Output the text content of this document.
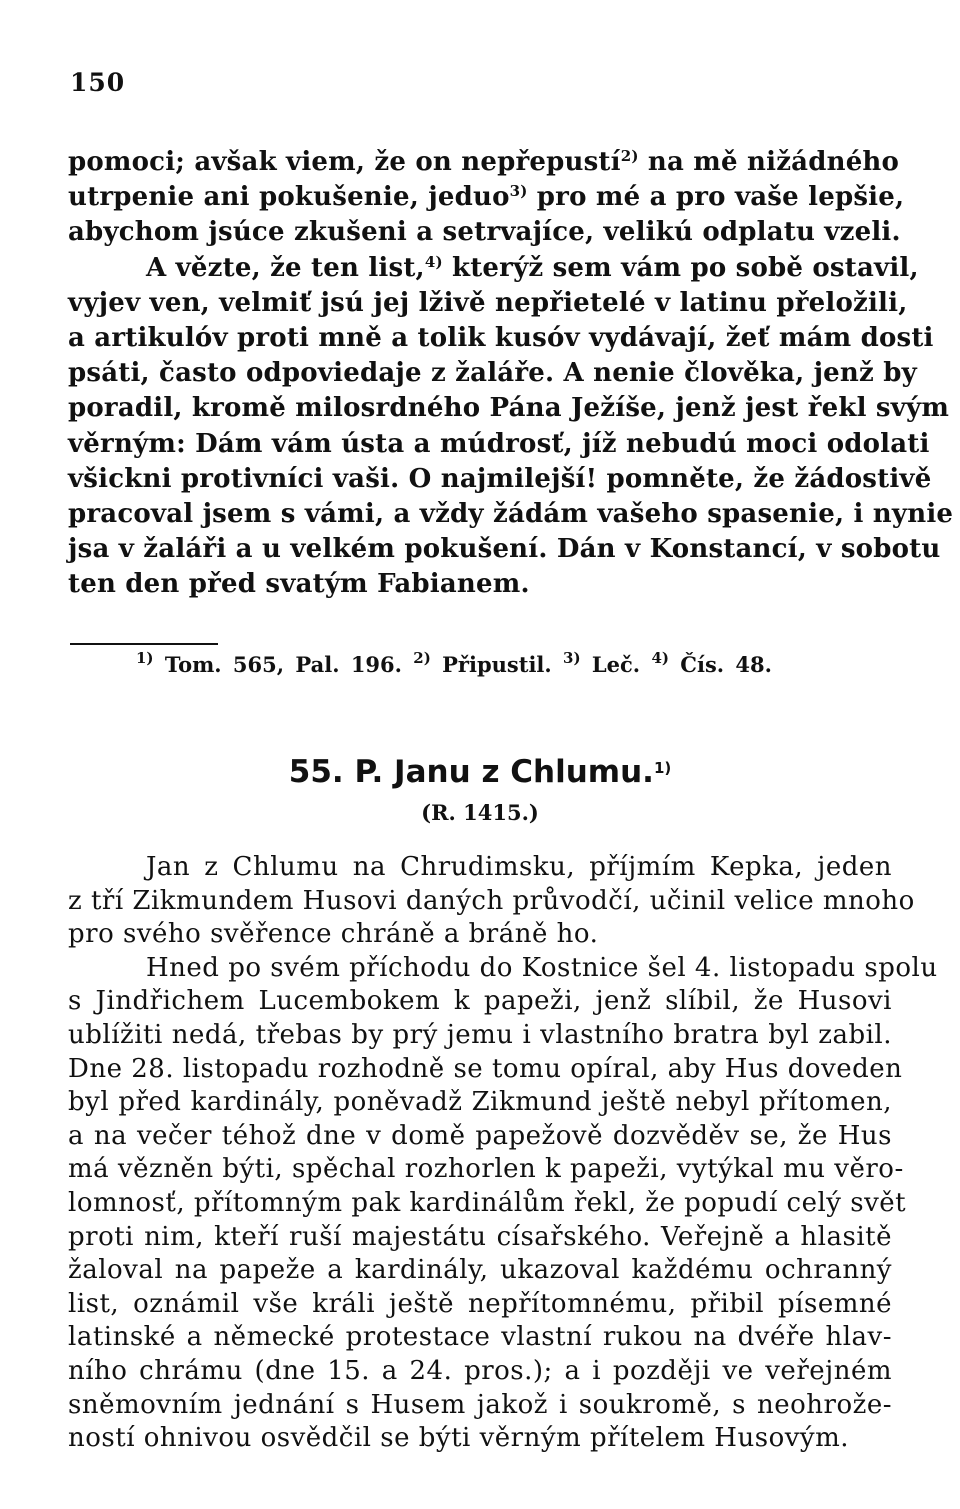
150
pomoci; avšak viem, že on nepřepustí$^{2)}$ na mě nižádného
utrpenie ani pokušenie, jeduo$^{3)}$ pro mé a pro vaše lepšie,
abychom jsúce zkušeni a setrvajíce, velikú odplatu vzeli.
A vězte, že ten list,$^{4)}$ kterýž sem vám po sobě ostavil,
vyjev ven, velmiť jsú jej lživě nepřietelé v latinu přeložili,
a artikulóv proti mně a tolik kusóv vydávají, žeť mám dosti
psáti, často odpoviedaje z žaláře. A nenie člověka, jenž by
poradil, kromě milosrdného Pána Ježíše, jenž jest řekl svým
věrným: Dám vám ústa a múdrosť, jíž nebudú moci odolati
všickni protivníci vaši. O najmilejší! pomněte, že žádostivě
pracoval jsem s vámi, a vždy žádám vašeho spasenie, i nynie
jsa v žaláři a u velkém pokušení. Dán v Konstancí, v sobotu
ten den před svatým Fabianem.
$^{1)}$ Tom. 565, Pal. 196. $^{2)}$ Připustil. $^{3)}$ Leč. $^{4)}$ Čís. 48.
55. P. Janu z Chlumu.$^{1)}$
(R. 1415.)
Jan z Chlumu na Chrudimsku, příjmím Kepka, jeden
z tří Zikmundem Husovi daných průvodčí, učinil velice mnoho
pro svého svěřence chráně a bráně ho.
Hned po svém příchodu do Kostnice šel 4. listopadu spolu
s Jindřichem Lucembokem k papeži, jenž slíbil, že Husovi
ublížiti nedá, třebas by prý jemu i vlastního bratra byl zabil.
Dne 28. listopadu rozhodně se tomu opíral, aby Hus doveden
byl před kardinály, poněvadž Zikmund ještě nebyl přítomen,
a na večer téhož dne v domě papežově dozvěděv se, že Hus
má vězněn býti, spěchal rozhorlen k papeži, vytýkal mu věro-
lomnosť, přítomným pak kardinálům řekl, že popudí celý svět
proti nim, kteří ruší majestátu císařského. Veřejně a hlasitě
žaloval na papeže a kardinály, ukazoval každému ochranný
list, oznámil vše králi ještě nepřítomnému, přibil písemné
latinské a německé protestace vlastní rukou na dvéře hlav-
ního chrámu (dne 15. a 24. pros.); a i později ve veřejném
sněmovním jednání s Husem jakož i soukromě, s neohrože-
ností ohnivou osvědčil se býti věrným přítelem Husovým.
